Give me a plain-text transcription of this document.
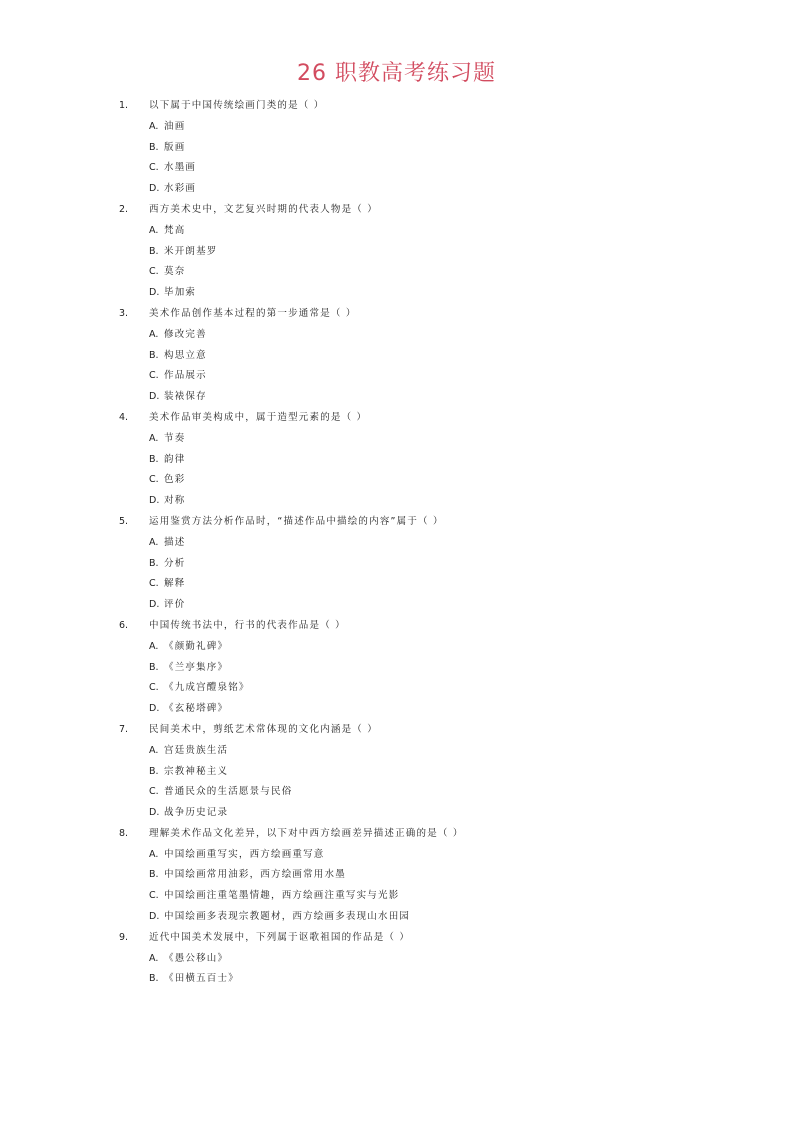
26 职教高考练习题
1. 以下属于中国传统绘画门类的是（ ）
A. 油画
B. 版画
C. 水墨画
D. 水彩画
2. 西方美术史中，文艺复兴时期的代表人物是（ ）
A. 梵高
B. 米开朗基罗
C. 莫奈
D. 毕加索
3. 美术作品创作基本过程的第一步通常是（ ）
A. 修改完善
B. 构思立意
C. 作品展示
D. 装裱保存
4. 美术作品审美构成中，属于造型元素的是（ ）
A. 节奏
B. 韵律
C. 色彩
D. 对称
5. 运用鉴赏方法分析作品时，“描述作品中描绘的内容”属于（ ）
A. 描述
B. 分析
C. 解释
D. 评价
6. 中国传统书法中，行书的代表作品是（ ）
A. 《颜勤礼碑》
B. 《兰亭集序》
C. 《九成宫醴泉铭》
D. 《玄秘塔碑》
7. 民间美术中，剪纸艺术常体现的文化内涵是（ ）
A. 宫廷贵族生活
B. 宗教神秘主义
C. 普通民众的生活愿景与民俗
D. 战争历史记录
8. 理解美术作品文化差异，以下对中西方绘画差异描述正确的是（ ）
A. 中国绘画重写实，西方绘画重写意
B. 中国绘画常用油彩，西方绘画常用水墨
C. 中国绘画注重笔墨情趣，西方绘画注重写实与光影
D. 中国绘画多表现宗教题材，西方绘画多表现山水田园
9. 近代中国美术发展中，下列属于讴歌祖国的作品是（ ）
A. 《愚公移山》
B. 《田横五百士》
